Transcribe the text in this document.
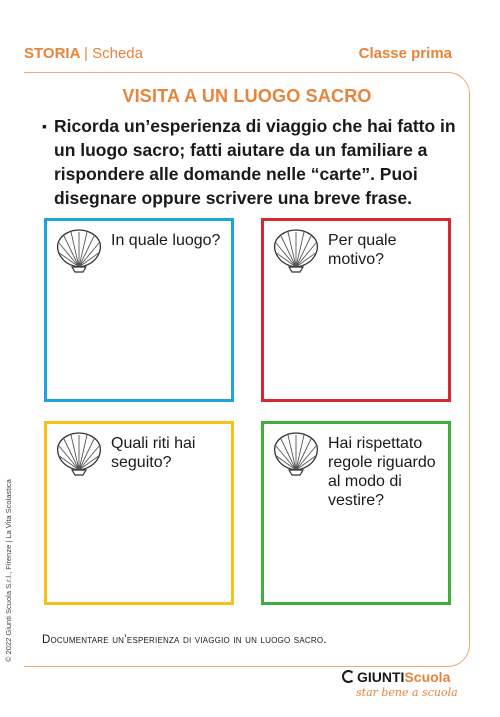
STORIA | Scheda	Classe prima
VISITA A UN LUOGO SACRO
▪ Ricorda un’esperienza di viaggio che hai fatto in un luogo sacro; fatti aiutare da un familiare a rispondere alle domande nelle “carte”. Puoi disegnare oppure scrivere una breve frase.
In quale luogo?	Per quale motivo?
Quali riti hai seguito?
Hai rispettato regole riguardo al modo di vestire?
Documentare un’esperienza di viaggio in un luogo sacro.
© 2022 Giunti Scuola S.r.l., Firenze | La Vita Scolastica
GIUNTIScuola
star bene a scuola
